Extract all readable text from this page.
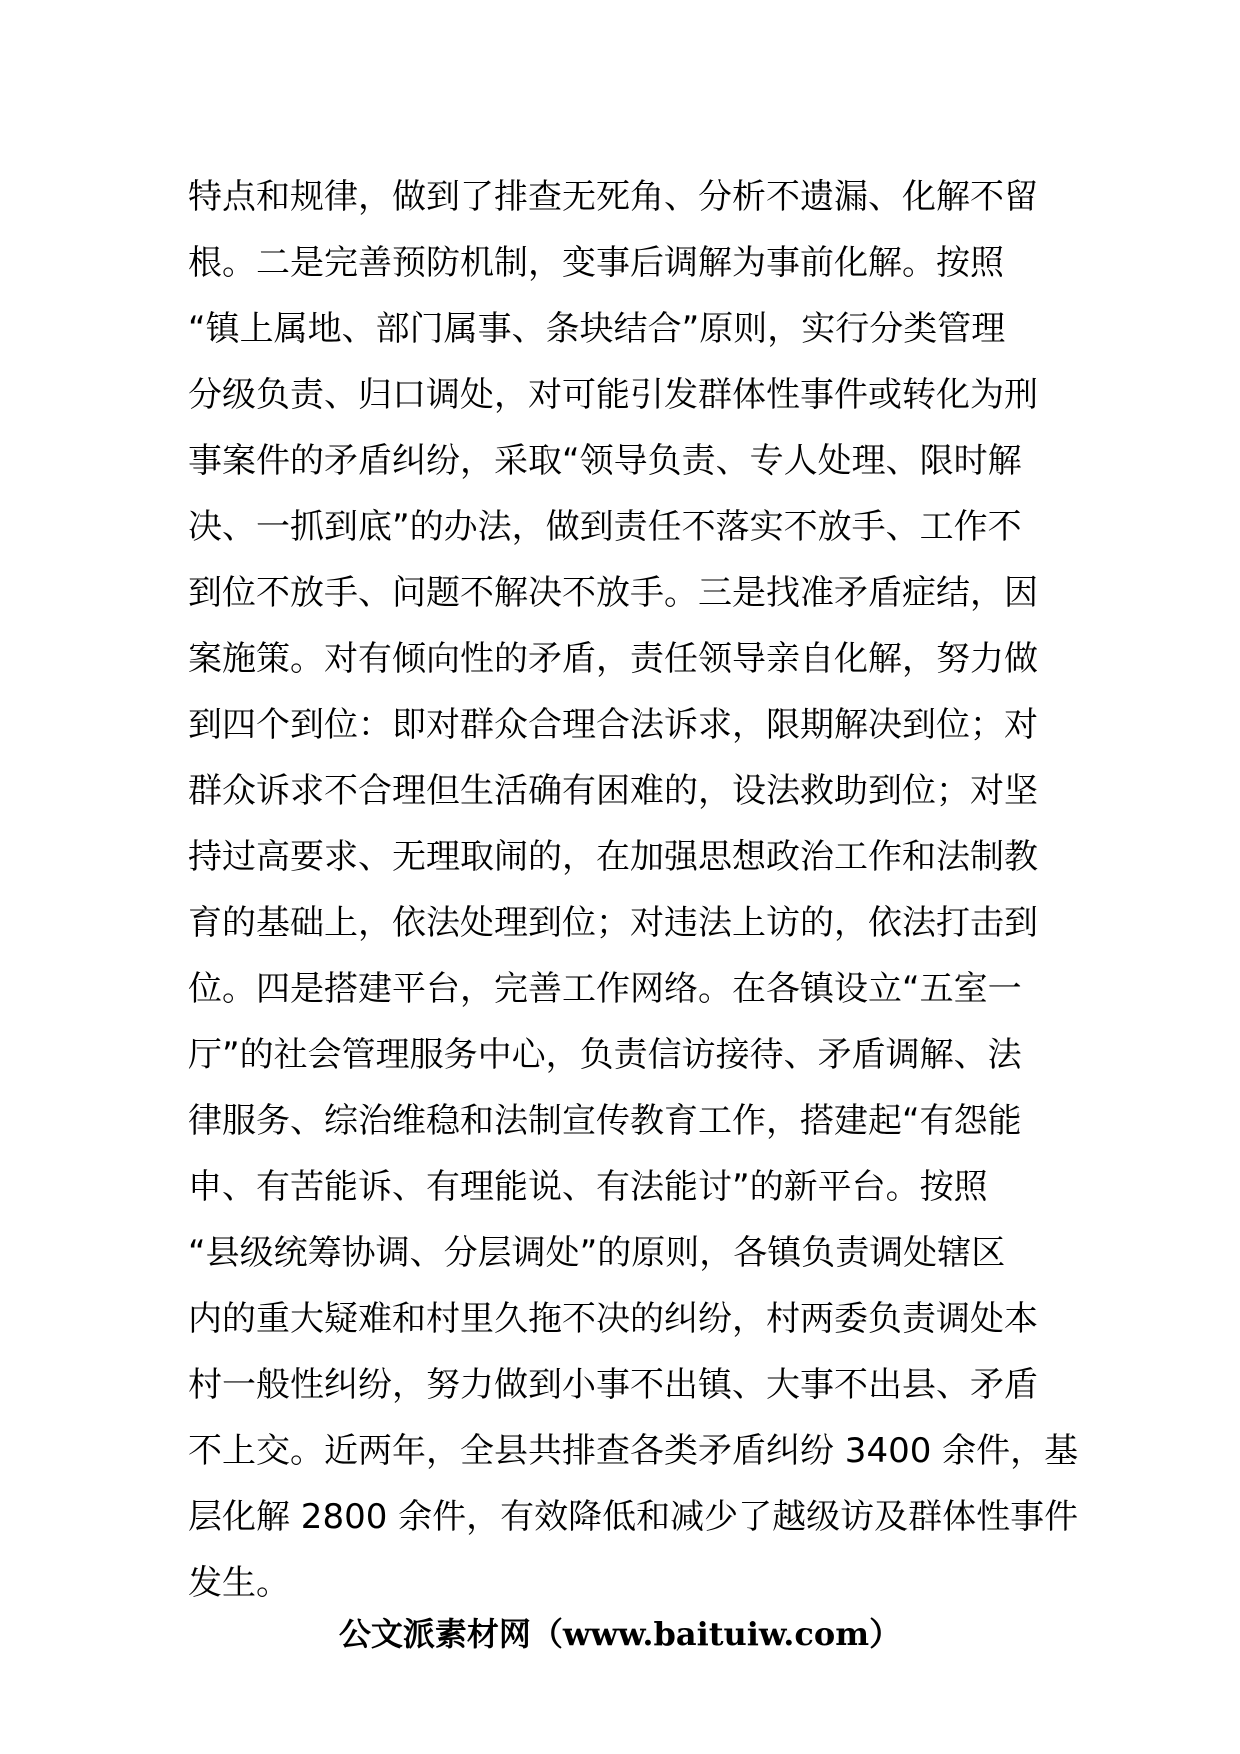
特点和规律，做到了排查无死角、分析不遗漏、化解不留
根。二是完善预防机制，变事后调解为事前化解。按照
“镇上属地、部门属事、条块结合”原则，实行分类管理
分级负责、归口调处，对可能引发群体性事件或转化为刑
事案件的矛盾纠纷，采取“领导负责、专人处理、限时解
决、一抓到底”的办法，做到责任不落实不放手、工作不
到位不放手、问题不解决不放手。三是找准矛盾症结，因
案施策。对有倾向性的矛盾，责任领导亲自化解，努力做
到四个到位：即对群众合理合法诉求，限期解决到位；对
群众诉求不合理但生活确有困难的，设法救助到位；对坚
持过高要求、无理取闹的，在加强思想政治工作和法制教
育的基础上，依法处理到位；对违法上访的，依法打击到
位。四是搭建平台，完善工作网络。在各镇设立“五室一
厅”的社会管理服务中心，负责信访接待、矛盾调解、法
律服务、综治维稳和法制宣传教育工作，搭建起“有怨能
申、有苦能诉、有理能说、有法能讨”的新平台。按照
“县级统筹协调、分层调处”的原则，各镇负责调处辖区
内的重大疑难和村里久拖不决的纠纷，村两委负责调处本
村一般性纠纷，努力做到小事不出镇、大事不出县、矛盾
不上交。近两年，全县共排查各类矛盾纠纷 3400 余件，基
层化解 2800 余件，有效降低和减少了越级访及群体性事件
发生。
公文派素材网（www.baituiw.com）
